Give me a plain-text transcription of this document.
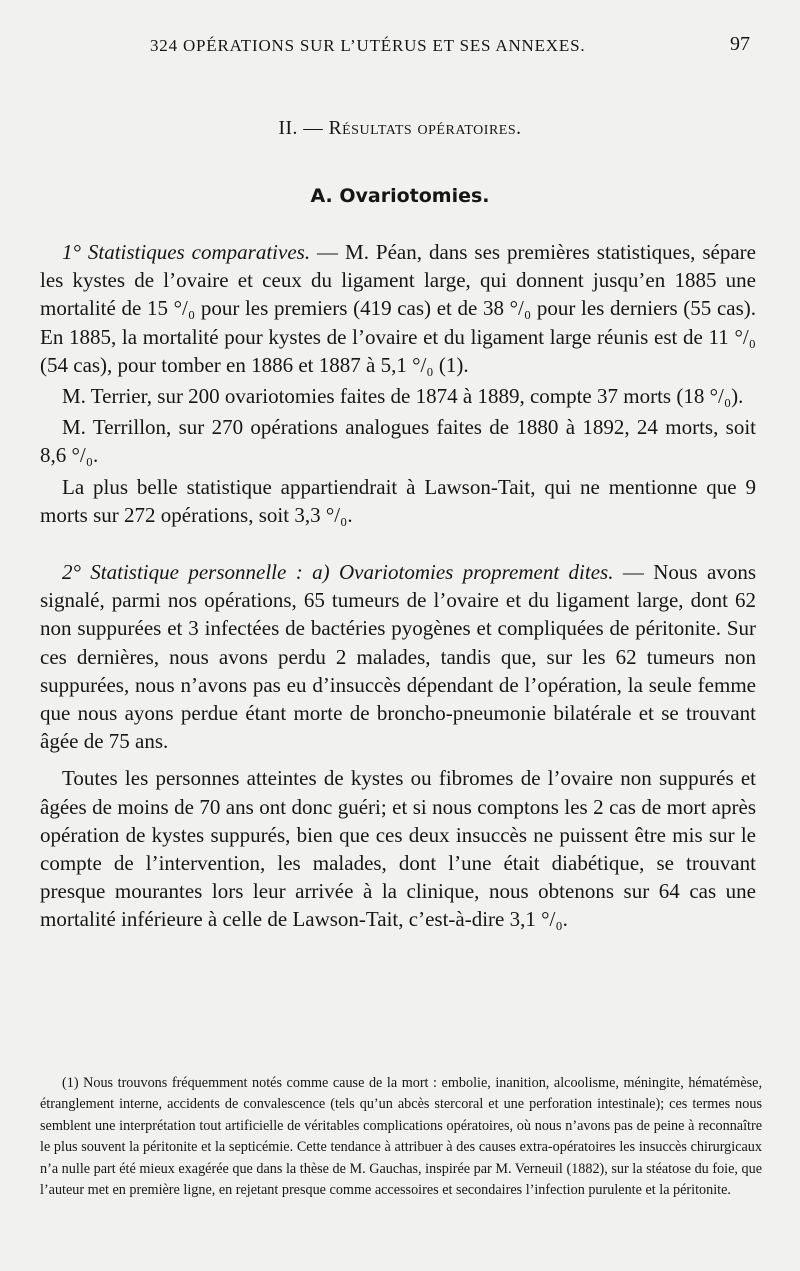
324 OPÉRATIONS SUR L’UTÉRUS ET SES ANNEXES.	97
II. — Résultats opératoires.
A. Ovariotomies.

1° Statistiques comparatives. — M. Péan, dans ses premières statistiques, sépare les kystes de l’ovaire et ceux du ligament large, qui donnent jusqu’en 1885 une mortalité de 15 °/₀ pour les premiers (419 cas) et de 38 °/₀ pour les derniers (55 cas). En 1885, la mortalité pour kystes de l’ovaire et du ligament large réunis est de 11 °/₀ (54 cas), pour tomber en 1886 et 1887 à 5,1 °/₀ (1).

M. Terrier, sur 200 ovariotomies faites de 1874 à 1889, compte 37 morts (18 °/₀).

M. Terrillon, sur 270 opérations analogues faites de 1880 à 1892, 24 morts, soit 8,6 °/₀.

La plus belle statistique appartiendrait à Lawson-Tait, qui ne mentionne que 9 morts sur 272 opérations, soit 3,3 °/₀.

2° Statistique personnelle : a) Ovariotomies proprement dites. — Nous avons signalé, parmi nos opérations, 65 tumeurs de l’ovaire et du ligament large, dont 62 non suppurées et 3 infectées de bactéries pyogènes et compliquées de péritonite. Sur ces dernières, nous avons perdu 2 malades, tandis que, sur les 62 tumeurs non suppurées, nous n’avons pas eu d’insuccès dépendant de l’opération, la seule femme que nous ayons perdue étant morte de broncho-pneumonie bilatérale et se trouvant âgée de 75 ans.

Toutes les personnes atteintes de kystes ou fibromes de l’ovaire non suppurés et âgées de moins de 70 ans ont donc guéri; et si nous comptons les 2 cas de mort après opération de kystes suppurés, bien que ces deux insuccès ne puissent être mis sur le compte de l’intervention, les malades, dont l’une était diabétique, se trouvant presque mourantes lors leur arrivée à la clinique, nous obtenons sur 64 cas une mortalité inférieure à celle de Lawson-Tait, c’est-à-dire 3,1 °/₀.

(1) Nous trouvons fréquemment notés comme cause de la mort : embolie, inanition, alcoolisme, méningite, hématémèse, étranglement interne, accidents de convalescence (tels qu’un abcès stercoral et une perforation intestinale); ces termes nous semblent une interprétation tout artificielle de véritables complications opératoires, où nous n’avons pas de peine à reconnaître le plus souvent la péritonite et la septicémie. Cette tendance à attribuer à des causes extra-opératoires les insuccès chirurgicaux n’a nulle part été mieux exagérée que dans la thèse de M. Gauchas, inspirée par M. Verneuil (1882), sur la stéatose du foie, que l’auteur met en première ligne, en rejetant presque comme accessoires et secondaires l’infection purulente et la péritonite.
